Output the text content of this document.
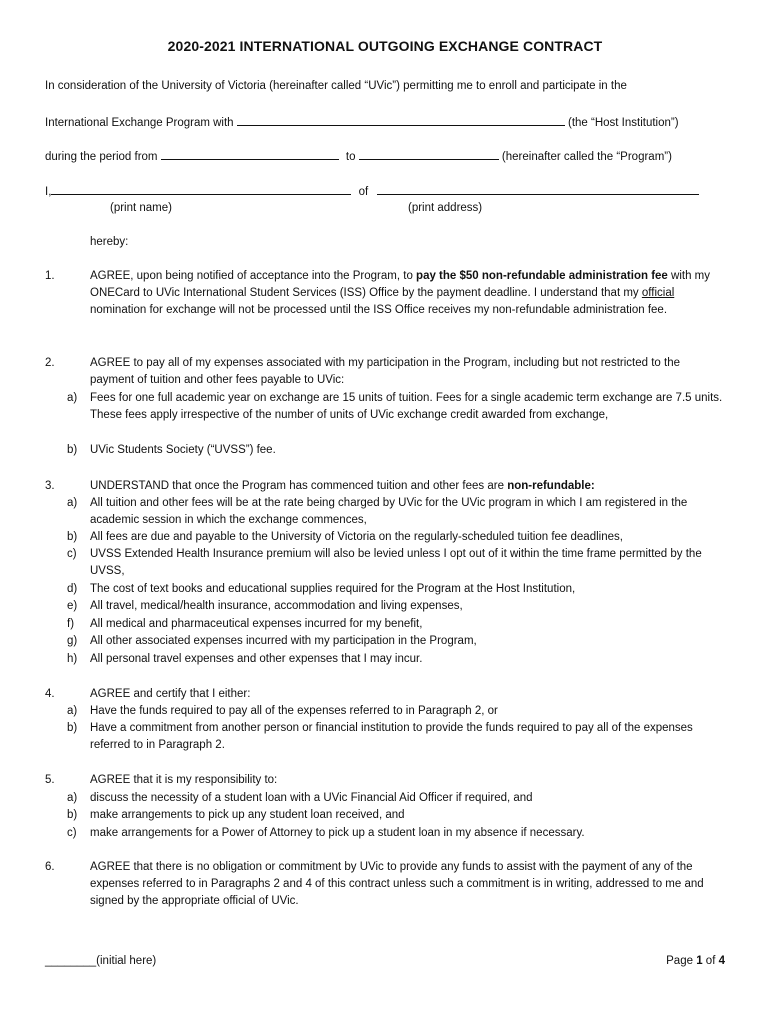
2020-2021 INTERNATIONAL OUTGOING EXCHANGE CONTRACT
In consideration of the University of Victoria (hereinafter called “UVic”) permitting me to enroll and participate in the
International Exchange Program with	(the “Host Institution”)
during the period from	to	(hereinafter called the “Program”)
I,	of
(print name)	(print address)
hereby:
1.	AGREE, upon being notified of acceptance into the Program, to pay the $50 non-refundable administration fee with my ONECard to UVic International Student Services (ISS) Office by the payment deadline. I understand that my official nomination for exchange will not be processed until the ISS Office receives my non-refundable administration fee.
2.	AGREE to pay all of my expenses associated with my participation in the Program, including but not restricted to the payment of tuition and other fees payable to UVic:
a) Fees for one full academic year on exchange are 15 units of tuition. Fees for a single academic term exchange are 7.5 units. These fees apply irrespective of the number of units of UVic exchange credit awarded from exchange,
b) UVic Students Society (“UVSS”) fee.
3.	UNDERSTAND that once the Program has commenced tuition and other fees are non-refundable:
a) All tuition and other fees will be at the rate being charged by UVic for the UVic program in which I am registered in the academic session in which the exchange commences,
b) All fees are due and payable to the University of Victoria on the regularly-scheduled tuition fee deadlines,
c) UVSS Extended Health Insurance premium will also be levied unless I opt out of it within the time frame permitted by the UVSS,
d) The cost of text books and educational supplies required for the Program at the Host Institution,
e) All travel, medical/health insurance, accommodation and living expenses,
f) All medical and pharmaceutical expenses incurred for my benefit,
g) All other associated expenses incurred with my participation in the Program,
h) All personal travel expenses and other expenses that I may incur.
4.	AGREE and certify that I either:
a) Have the funds required to pay all of the expenses referred to in Paragraph 2, or
b) Have a commitment from another person or financial institution to provide the funds required to pay all of the expenses referred to in Paragraph 2.
5.	AGREE that it is my responsibility to:
a) discuss the necessity of a student loan with a UVic Financial Aid Officer if required, and
b) make arrangements to pick up any student loan received, and
c) make arrangements for a Power of Attorney to pick up a student loan in my absence if necessary.
6.	AGREE that there is no obligation or commitment by UVic to provide any funds to assist with the payment of any of the expenses referred to in Paragraphs 2 and 4 of this contract unless such a commitment is in writing, addressed to me and signed by the appropriate official of UVic.
________(initial here)	Page 1 of 4
